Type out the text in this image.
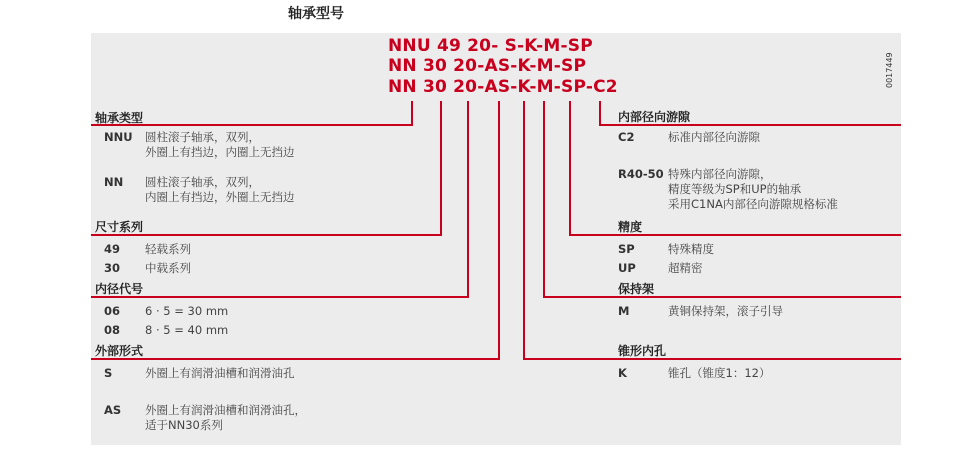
轴承型号
NNU 49 20- S-K-M-SP
NN 30 20-AS-K-M-SP
NN 30 20-AS-K-M-SP-C2	0017449
轴承类型
NNU 圆柱滚子轴承，双列，
外圈上有挡边，内圈上无挡边
NN 圆柱滚子轴承，双列，
内圈上有挡边，外圈上无挡边
尺寸系列
49 轻载系列
30 中载系列
内径代号
06 6 · 5 = 30 mm
08 8 · 5 = 40 mm
外部形式
S	外圈上有润滑油槽和润滑油孔
AS 外圈上有润滑油槽和润滑油孔，
适于NN30系列
内部径向游隙
C2	标准内部径向游隙
R40-50 特殊内部径向游隙，
精度等级为SP和UP的轴承
采用C1NA内部径向游隙规格标准
精度
SP	特殊精度
UP	超精密
保持架
M	黄铜保持架，滚子引导
锥形内孔
K	锥孔（锥度1：12）
